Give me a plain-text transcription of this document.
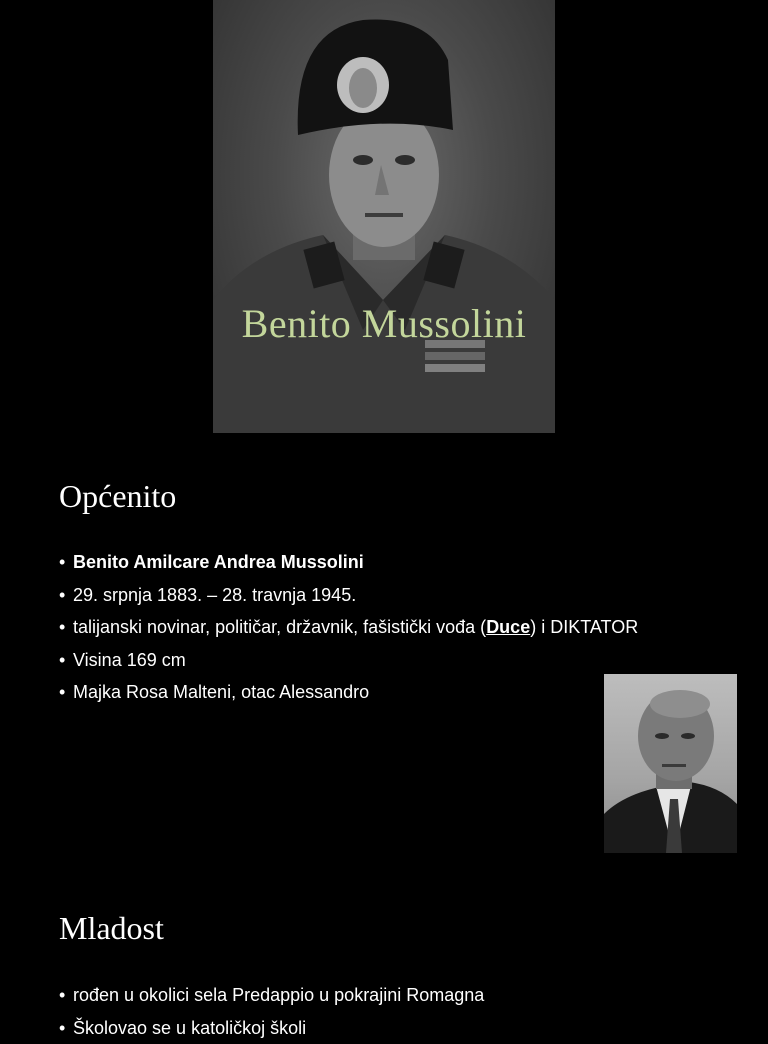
Benito Mussolini
Općenito
• Benito Amilcare Andrea Mussolini
• 29. srpnja 1883. – 28. travnja 1945.
• talijanski novinar, političar, državnik, fašistički vođa (Duce) i DIKTATOR
• Visina 169 cm
• Majka Rosa Malteni, otac Alessandro
Mladost
• rođen u okolici sela Predappio u pokrajini Romagna
• Školovao se u katoličkoj školi
